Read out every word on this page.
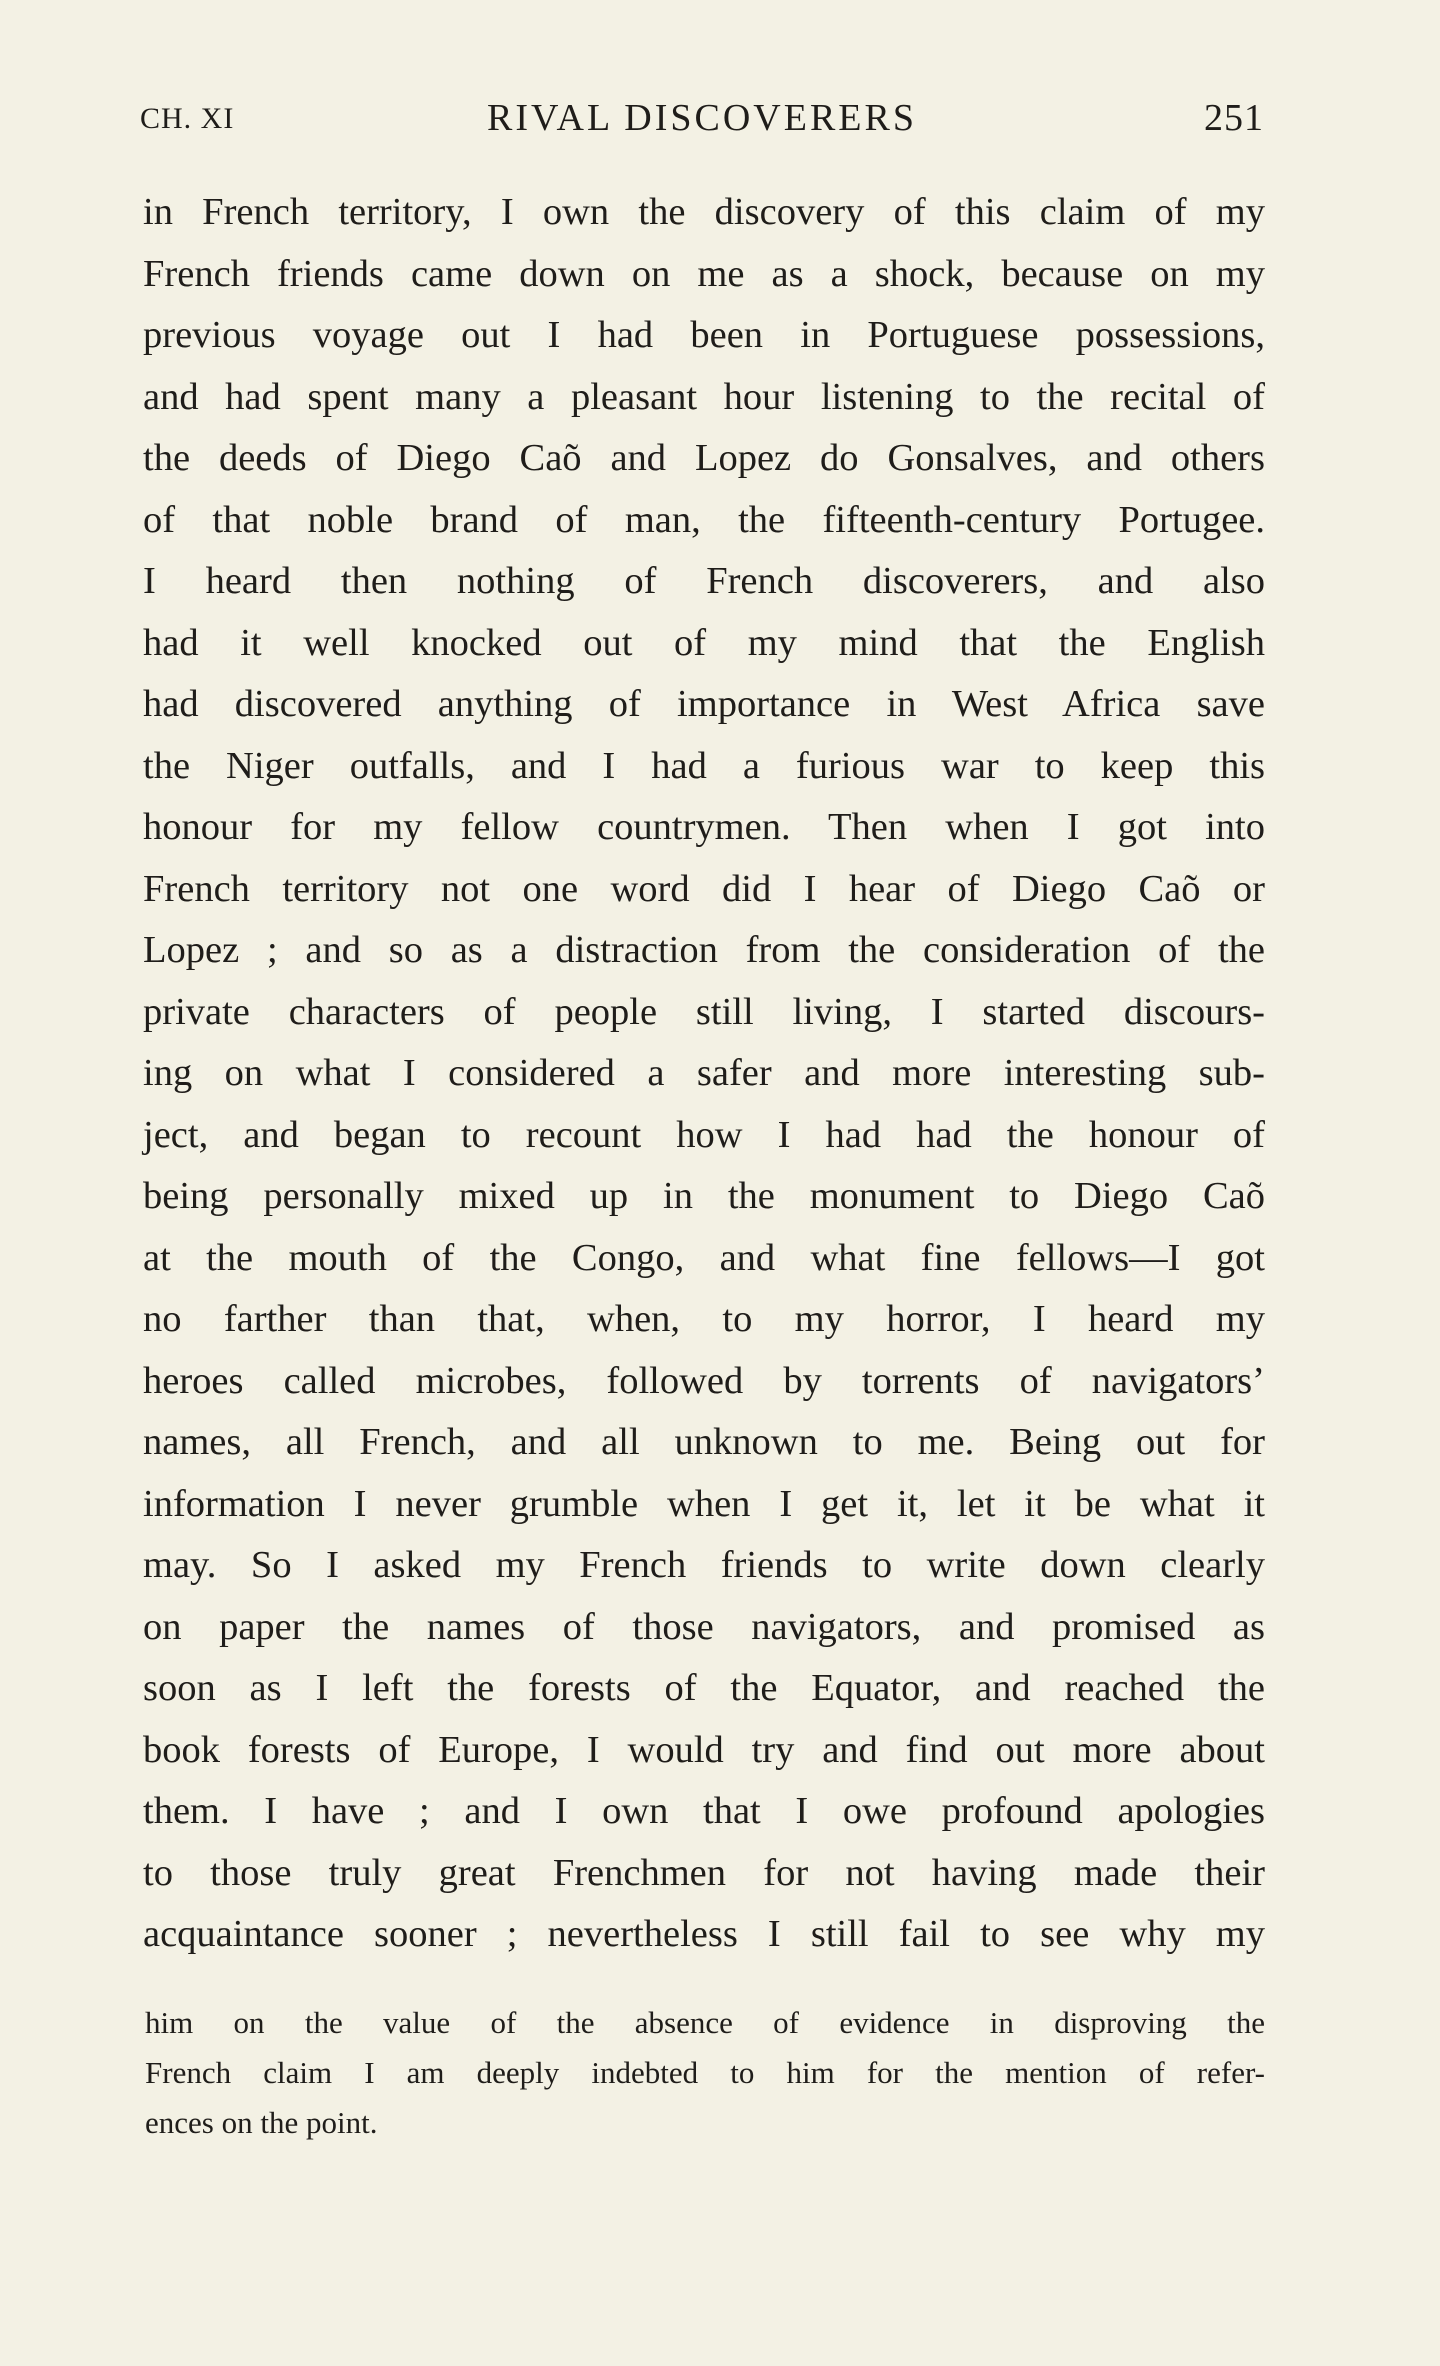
CH. XI	RIVAL DISCOVERERS	251
in French territory, I own the discovery of this claim of my
French friends came down on me as a shock, because on my
previous voyage out I had been in Portuguese possessions,
and had spent many a pleasant hour listening to the recital of
the deeds of Diego Caõ and Lopez do Gonsalves, and others
of that noble brand of man, the fifteenth-century Portugee.
I heard then nothing of French discoverers, and also
had it well knocked out of my mind that the English
had discovered anything of importance in West Africa save
the Niger outfalls, and I had a furious war to keep this
honour for my fellow countrymen. Then when I got into
French territory not one word did I hear of Diego Caõ or
Lopez ; and so as a distraction from the consideration of the
private characters of people still living, I started discours-
ing on what I considered a safer and more interesting sub-
ject, and began to recount how I had had the honour of
being personally mixed up in the monument to Diego Caõ
at the mouth of the Congo, and what fine fellows—I got
no farther than that, when, to my horror, I heard my
heroes called microbes, followed by torrents of navigators’
names, all French, and all unknown to me. Being out for
information I never grumble when I get it, let it be what it
may. So I asked my French friends to write down clearly
on paper the names of those navigators, and promised as
soon as I left the forests of the Equator, and reached the
book forests of Europe, I would try and find out more about
them. I have ; and I own that I owe profound apologies
to those truly great Frenchmen for not having made their
acquaintance sooner ; nevertheless I still fail to see why my
him on the value of the absence of evidence in disproving the
French claim I am deeply indebted to him for the mention of refer-
ences on the point.
